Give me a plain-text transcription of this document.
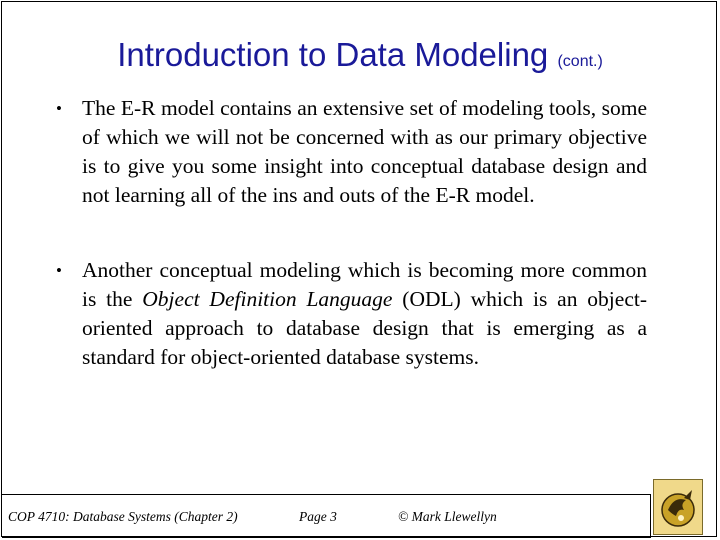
Introduction to Data Modeling (cont.)
• The E-R model contains an extensive set of modeling tools, some of which we will not be concerned with as our primary objective is to give you some insight into conceptual database design and not learning all of the ins and outs of the E-R model.
• Another conceptual modeling which is becoming more common is the Object Definition Language (ODL) which is an object-oriented approach to database design that is emerging as a standard for object-oriented database systems.
COP 4710: Database Systems (Chapter 2)	Page 3	© Mark Llewellyn
